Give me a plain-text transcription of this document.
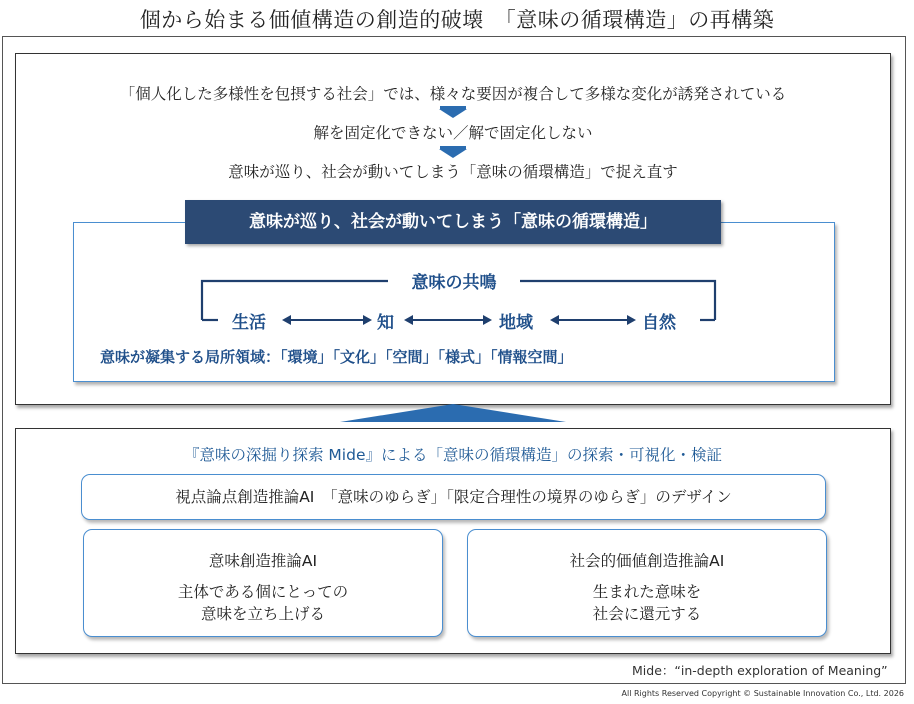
個から始まる価値構造の創造的破壊　「意味の循環構造」の再構築
「個人化した多様性を包摂する社会」では、様々な要因が複合して多様な変化が誘発されている
解を固定化できない／解で固定化しない
意味が巡り、社会が動いてしまう「意味の循環構造」で捉え直す
意味が巡り、社会が動いてしまう「意味の循環構造」
意味の共鳴
生活	知	地域	自然
意味が凝集する局所領域：「環境」「文化」「空間」「様式」「情報空間」
『意味の深掘り探索 Mide』による「意味の循環構造」の探索・可視化・検証
視点論点創造推論AI　「意味のゆらぎ」「限定合理性の境界のゆらぎ」のデザイン
意味創造推論AI
主体である個にとっての
意味を立ち上げる
社会的価値創造推論AI
生まれた意味を
社会に還元する
Mide：“in-depth exploration of Meaning”
All Rights Reserved Copyright © Sustainable Innovation Co., Ltd. 2026
